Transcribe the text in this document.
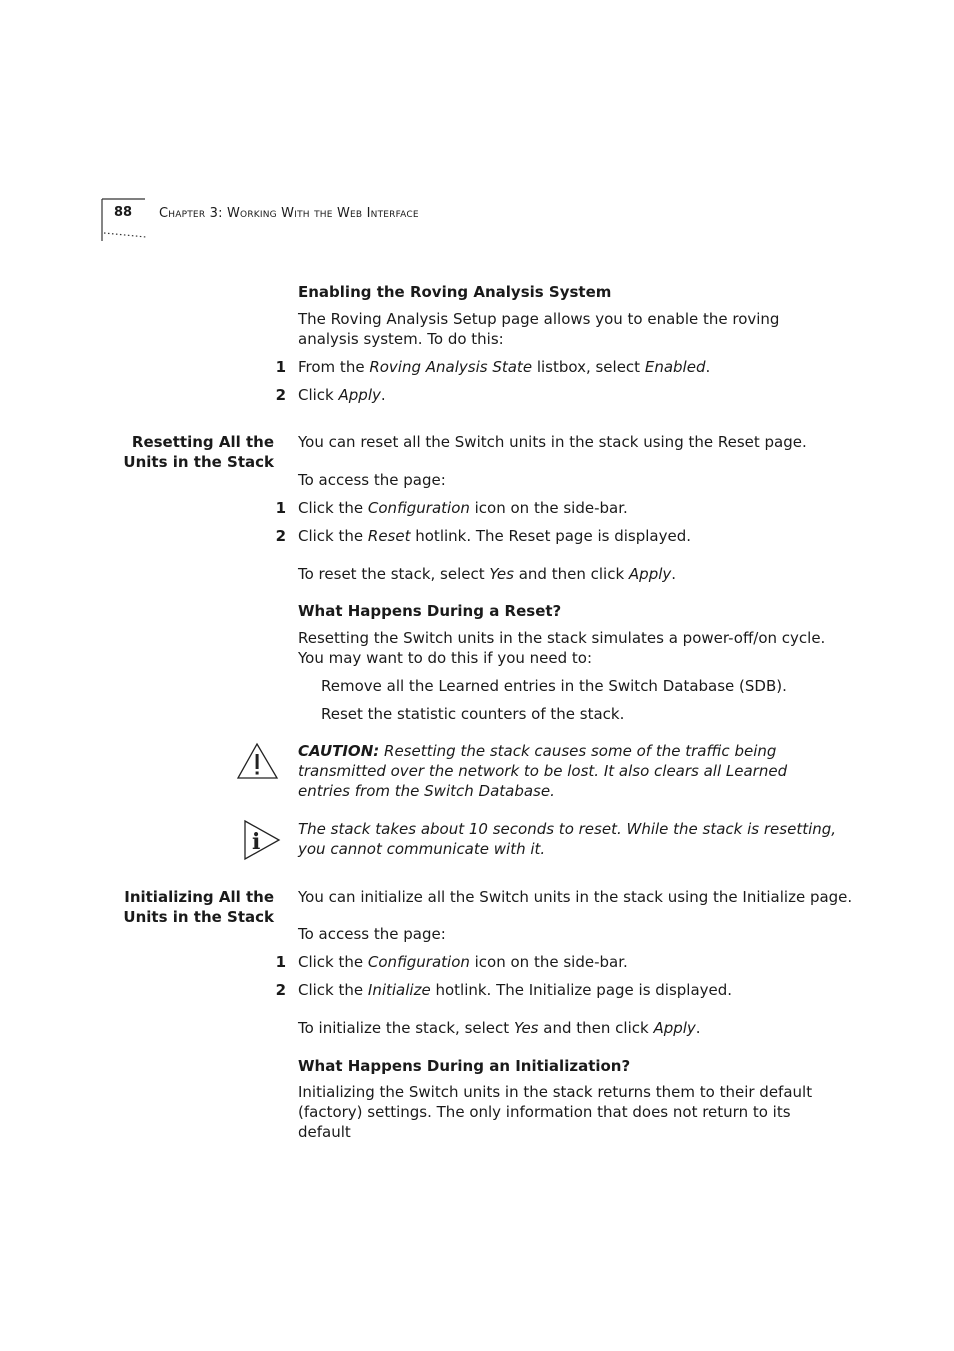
88 Chapter 3: Working With the Web Interface
Enabling the Roving Analysis System
The Roving Analysis Setup page allows you to enable the roving analysis system. To do this:
1 From the Roving Analysis State listbox, select Enabled.
2 Click Apply.
Resetting All the
Units in the Stack
You can reset all the Switch units in the stack using the Reset page.
To access the page:
1 Click the Configuration icon on the side-bar.
2 Click the Reset hotlink. The Reset page is displayed.
To reset the stack, select Yes and then click Apply.
What Happens During a Reset?
Resetting the Switch units in the stack simulates a power-off/on cycle. You may want to do this if you need to:
Remove all the Learned entries in the Switch Database (SDB).
Reset the statistic counters of the stack.
CAUTION: Resetting the stack causes some of the traffic being transmitted over the network to be lost. It also clears all Learned entries from the Switch Database.
i	The stack takes about 10 seconds to reset. While the stack is resetting, you cannot communicate with it.
Initializing All the
Units in the Stack
You can initialize all the Switch units in the stack using the Initialize page.
To access the page:
1 Click the Configuration icon on the side-bar.
2 Click the Initialize hotlink. The Initialize page is displayed.
To initialize the stack, select Yes and then click Apply.
What Happens During an Initialization?
Initializing the Switch units in the stack returns them to their default (factory) settings. The only information that does not return to its default
